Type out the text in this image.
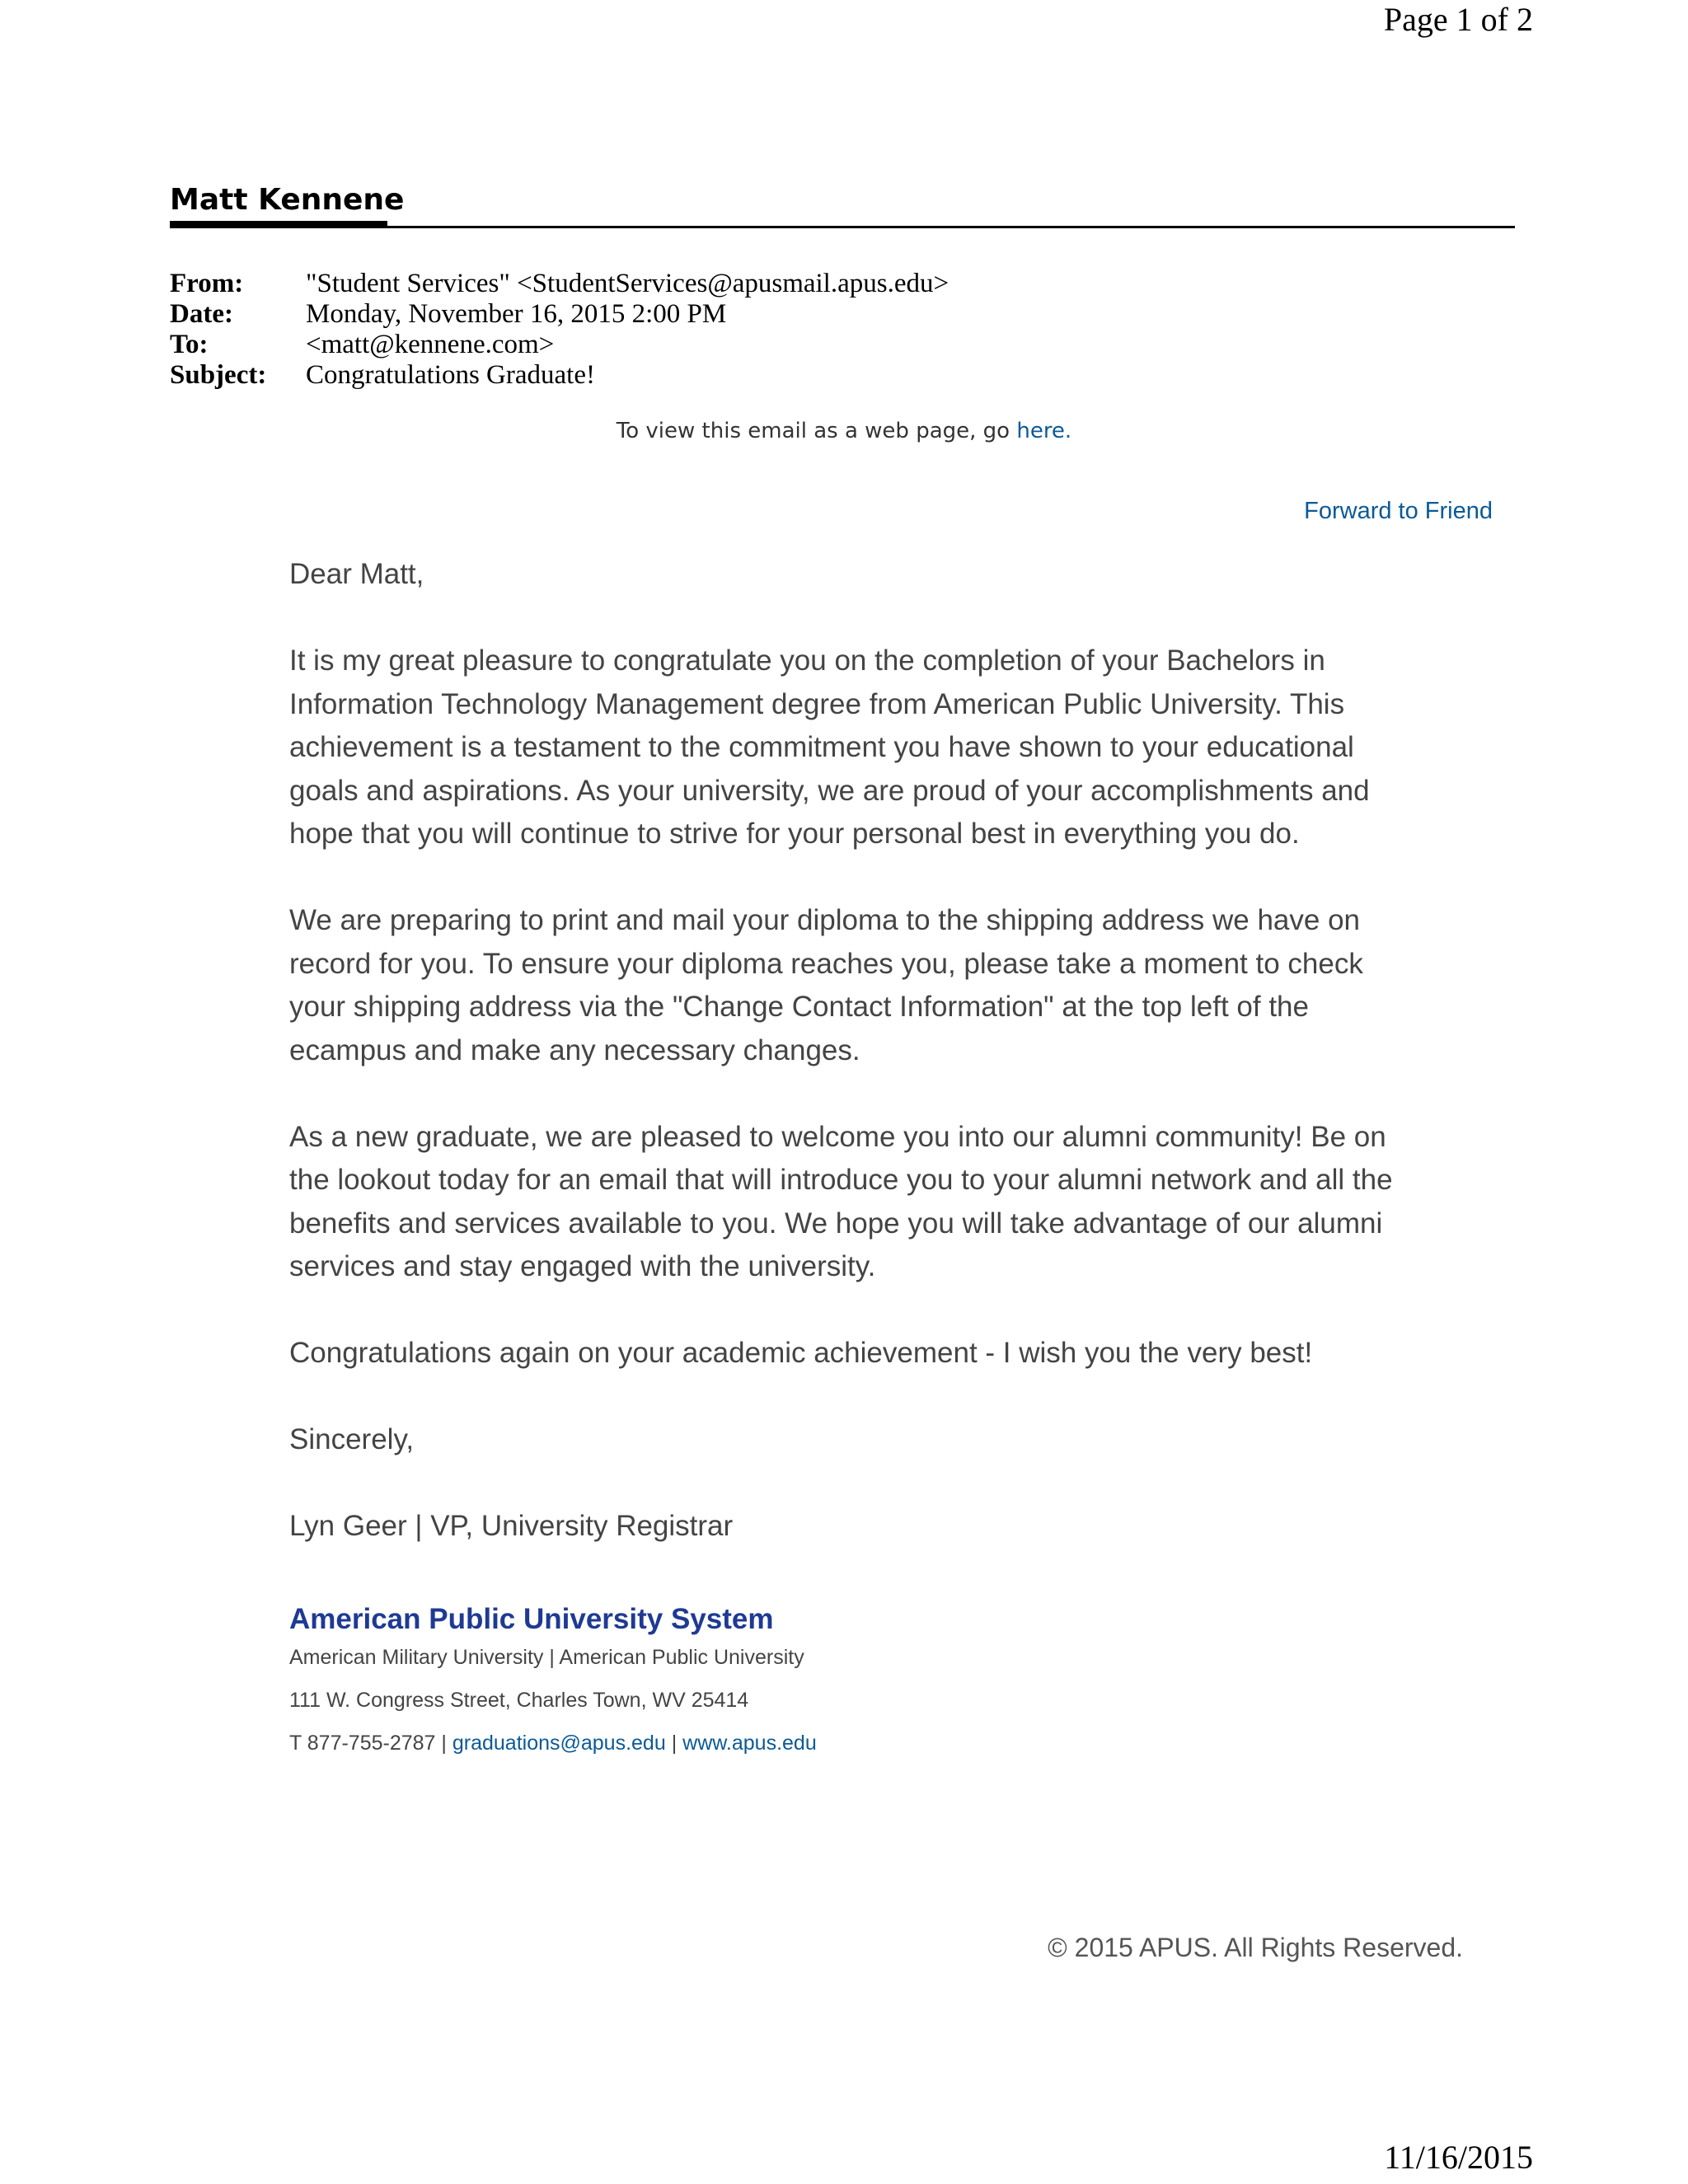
Page 1 of 2
Matt Kennene
From:	"Student Services" <StudentServices@apusmail.apus.edu>
Date:	Monday, November 16, 2015 2:00 PM
To:	<matt@kennene.com>
Subject:	Congratulations Graduate!
To view this email as a web page, go here.
Forward to Friend

Dear Matt,

It is my great pleasure to congratulate you on the completion of your Bachelors in
Information Technology Management degree from American Public University. This
achievement is a testament to the commitment you have shown to your educational
goals and aspirations. As your university, we are proud of your accomplishments and
hope that you will continue to strive for your personal best in everything you do.

We are preparing to print and mail your diploma to the shipping address we have on
record for you. To ensure your diploma reaches you, please take a moment to check
your shipping address via the "Change Contact Information" at the top left of the
ecampus and make any necessary changes.

As a new graduate, we are pleased to welcome you into our alumni community! Be on
the lookout today for an email that will introduce you to your alumni network and all the
benefits and services available to you. We hope you will take advantage of our alumni
services and stay engaged with the university.

Congratulations again on your academic achievement - I wish you the very best!

Sincerely,

Lyn Geer | VP, University Registrar

American Public University System
American Military University | American Public University
111 W. Congress Street, Charles Town, WV 25414
T 877-755-2787 | graduations@apus.edu | www.apus.edu
© 2015 APUS. All Rights Reserved.
11/16/2015
